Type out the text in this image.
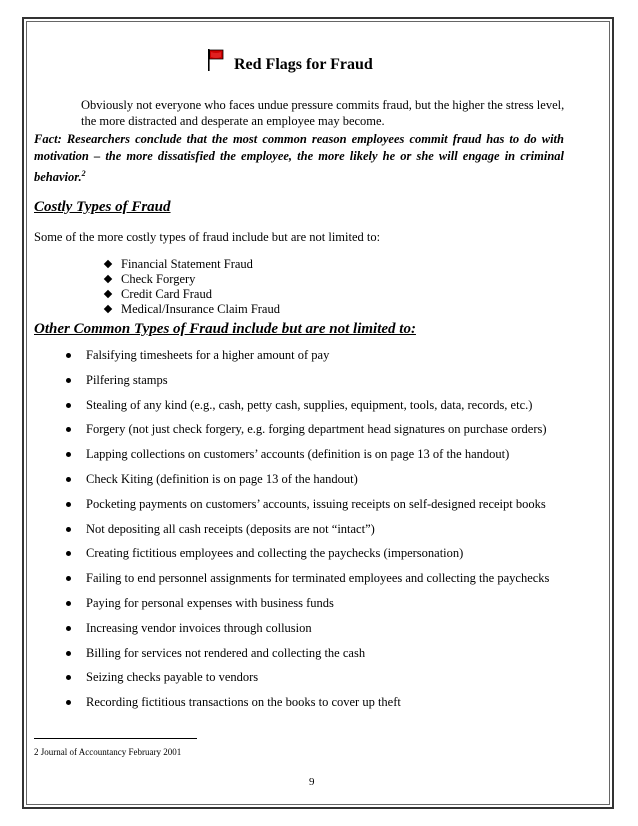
Red Flags for Fraud
Obviously not everyone who faces undue pressure commits fraud, but the higher the stress level,
the more distracted and desperate an employee may become.
Fact: Researchers conclude that the most common reason employees commit fraud has to do with motivation – the more dissatisfied the employee, the more likely he or she will engage in criminal behavior.$^2$
Costly Types of Fraud
Some of the more costly types of fraud include but are not limited to:
Financial Statement Fraud
Check Forgery
Credit Card Fraud
Medical/Insurance Claim Fraud
Other Common Types of Fraud include but are not limited to:
Falsifying timesheets for a higher amount of pay
Pilfering stamps
Stealing of any kind (e.g., cash, petty cash, supplies, equipment, tools, data, records, etc.)
Forgery (not just check forgery, e.g. forging department head signatures on purchase orders)
Lapping collections on customers’ accounts (definition is on page 13 of the handout)
Check Kiting (definition is on page 13 of the handout)
Pocketing payments on customers’ accounts, issuing receipts on self-designed receipt books
Not depositing all cash receipts (deposits are not “intact”)
Creating fictitious employees and collecting the paychecks (impersonation)
Failing to end personnel assignments for terminated employees and collecting the paychecks
Paying for personal expenses with business funds
Increasing vendor invoices through collusion
Billing for services not rendered and collecting the cash
Seizing checks payable to vendors
Recording fictitious transactions on the books to cover up theft
2 Journal of Accountancy February 2001
9
